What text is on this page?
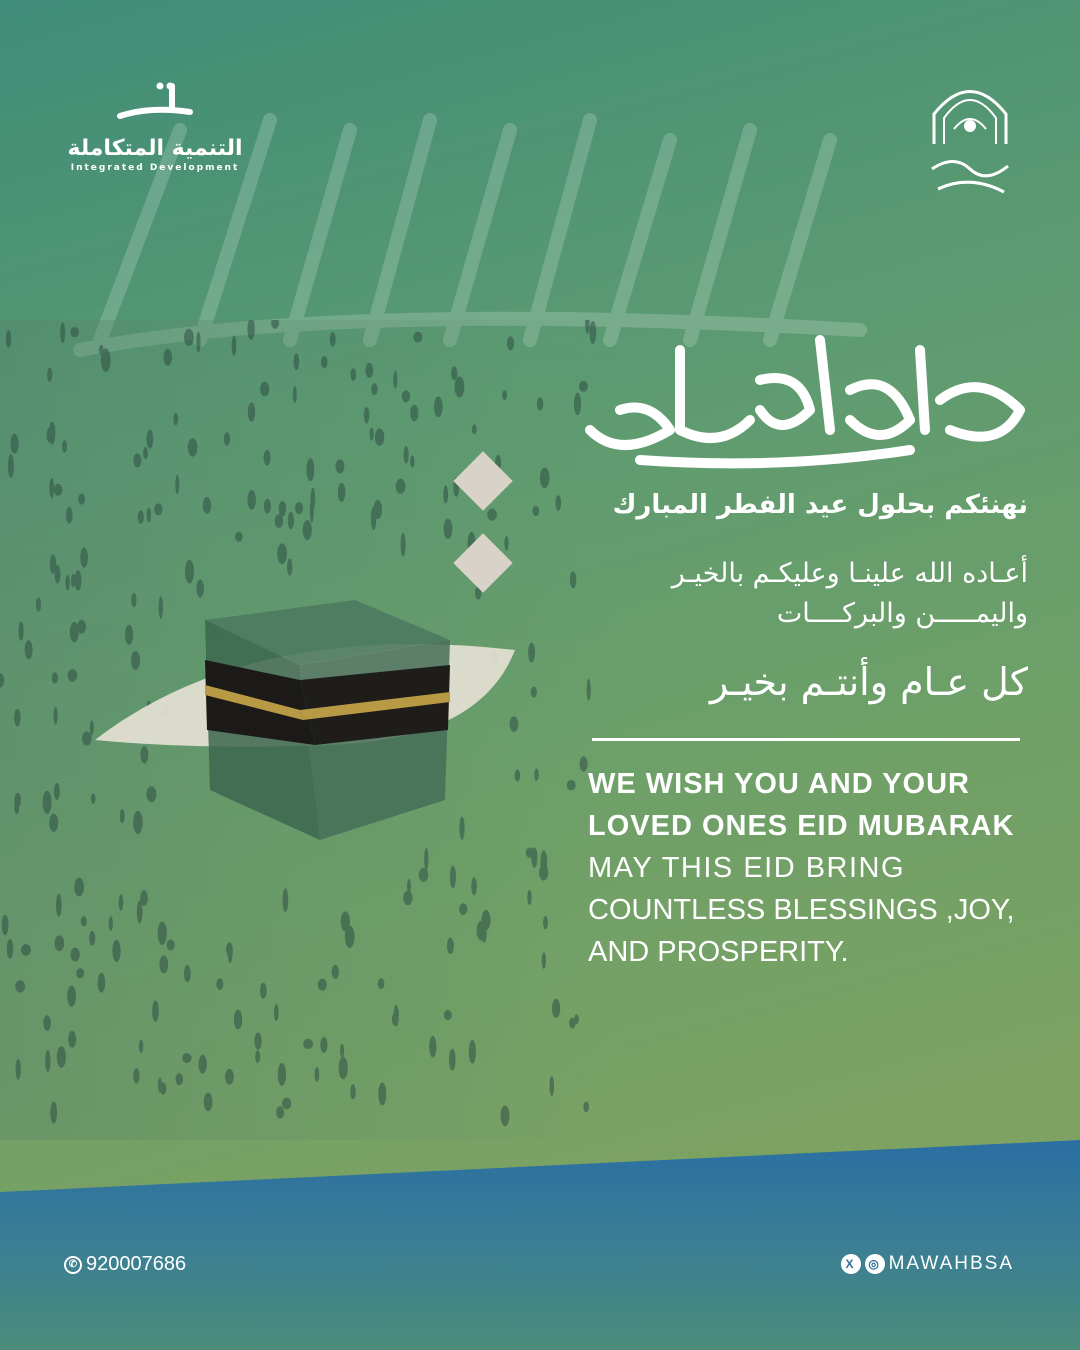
التنمية المتكاملة
Integrated Development
نهنئكم بحلول عيد الفطر المبارك
أعـاده الله علينـا وعليكـم بالخيـر
واليمـــــن والبركــــات
كل عـام وأنتـم بخيـر
WE WISH YOU AND YOUR
LOVED ONES EID MUBARAK
MAY THIS EID BRING
COUNTLESS BLESSINGS ,JOY,
AND PROSPERITY.
✆ 920007686	X	◎ MAWAHBSA
